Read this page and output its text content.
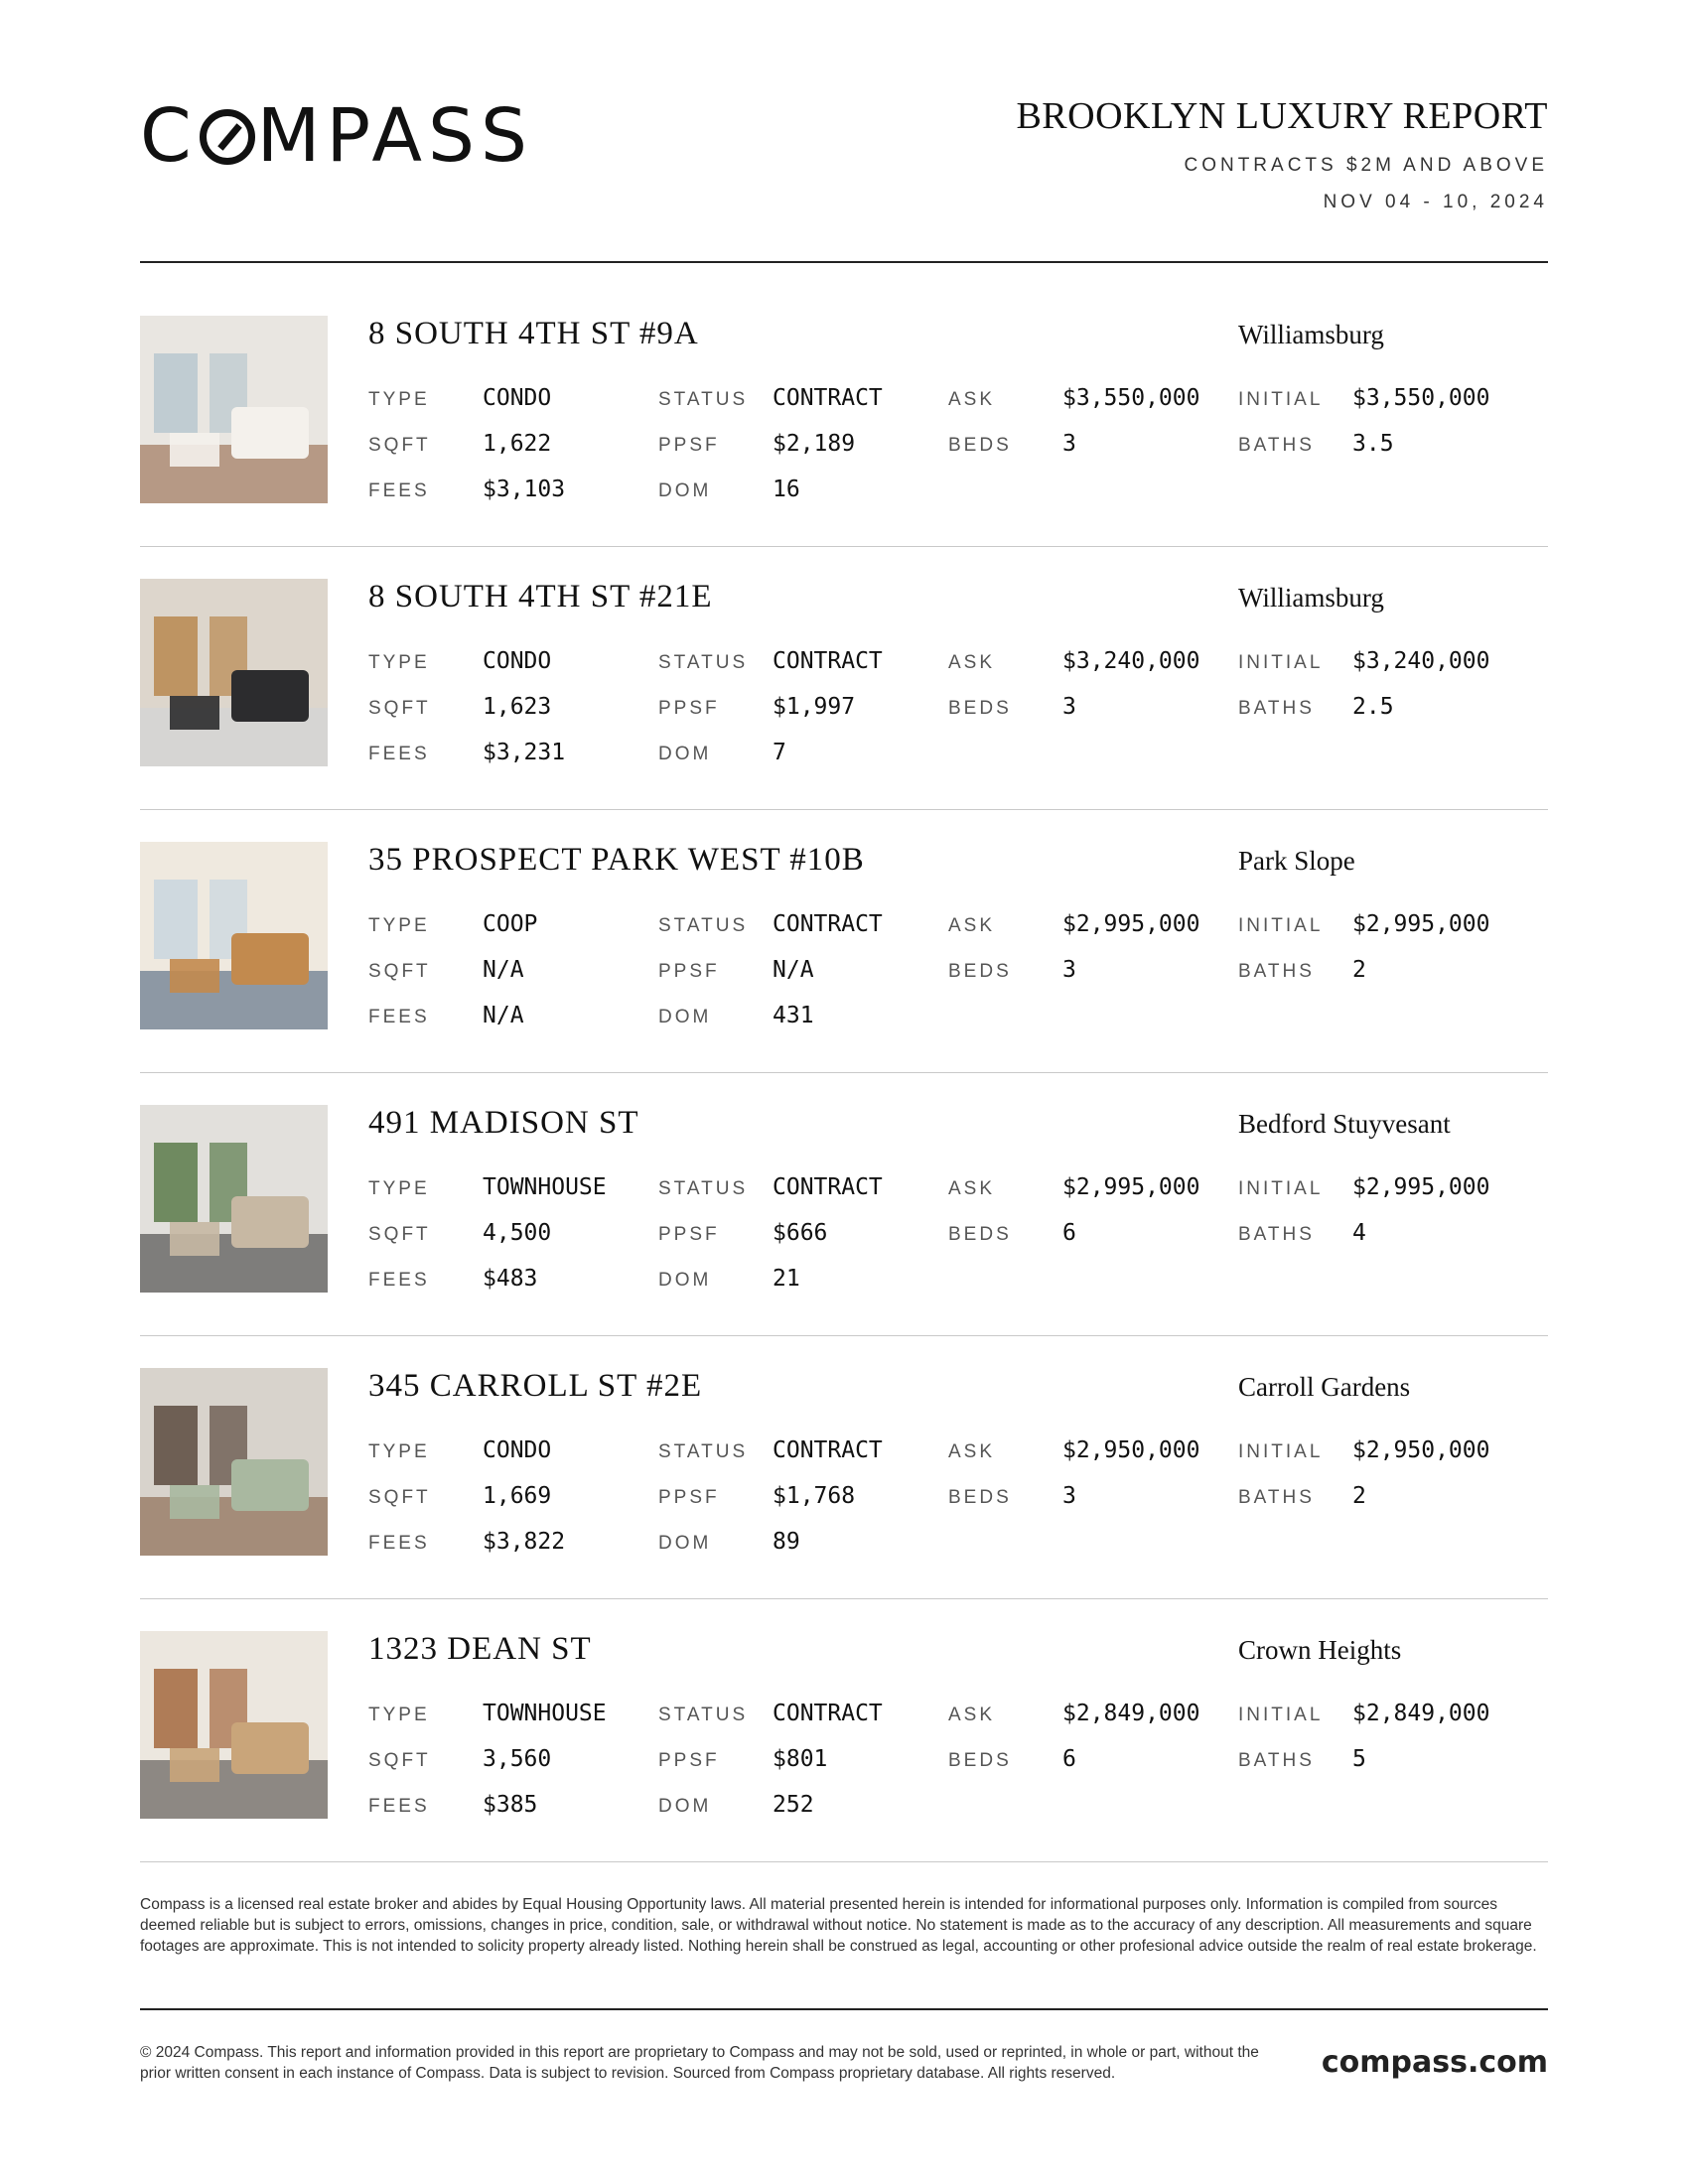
C MPASS	BROOKLYN LUXURY REPORT
CONTRACTS $2M AND ABOVE
NOV 04 - 10, 2024
8 SOUTH 4TH ST #9A	Williamsburg
TYPE CONDO	STATUS CONTRACT	ASK	$3,550,000 INITIAL $3,550,000
SQFT 1,622	PPSF $2,189	BEDS 3	BATHS 3.5
FEES $3,103	DOM	16
8 SOUTH 4TH ST #21E	Williamsburg
TYPE CONDO	STATUS CONTRACT	ASK	$3,240,000 INITIAL $3,240,000
SQFT 1,623	PPSF $1,997	BEDS 3	BATHS 2.5
FEES $3,231	DOM	7
35 PROSPECT PARK WEST #10B	Park Slope
TYPE COOP	STATUS CONTRACT	ASK	$2,995,000 INITIAL $2,995,000
SQFT N/A	PPSF N/A	BEDS 3	BATHS 2
FEES N/A	DOM	431
491 MADISON ST	Bedford Stuyvesant
TYPE TOWNHOUSE	STATUS CONTRACT	ASK	$2,995,000 INITIAL $2,995,000
SQFT 4,500	PPSF $666	BEDS 6	BATHS 4
FEES $483	DOM	21
345 CARROLL ST #2E	Carroll Gardens
TYPE CONDO	STATUS CONTRACT	ASK	$2,950,000 INITIAL $2,950,000
SQFT 1,669	PPSF $1,768	BEDS 3	BATHS 2
FEES $3,822	DOM	89
1323 DEAN ST	Crown Heights
TYPE TOWNHOUSE	STATUS CONTRACT	ASK	$2,849,000 INITIAL $2,849,000
SQFT 3,560	PPSF $801	BEDS 6	BATHS 5
FEES $385	DOM	252
Compass is a licensed real estate broker and abides by Equal Housing Opportunity laws. All material presented herein is intended for informational purposes only. Information is compiled from sources deemed reliable but is subject to errors, omissions, changes in price, condition, sale, or withdrawal without notice. No statement is made as to the accuracy of any description. All measurements and square footages are approximate. This is not intended to solicity property already listed. Nothing herein shall be construed as legal, accounting or other profesional advice outside the realm of real estate brokerage.
© 2024 Compass. This report and information provided in this report are proprietary to Compass and may not be sold, used or reprinted, in whole or part, without the prior written consent in each instance of Compass. Data is subject to revision. Sourced from Compass proprietary database. All rights reserved.	compass.com
